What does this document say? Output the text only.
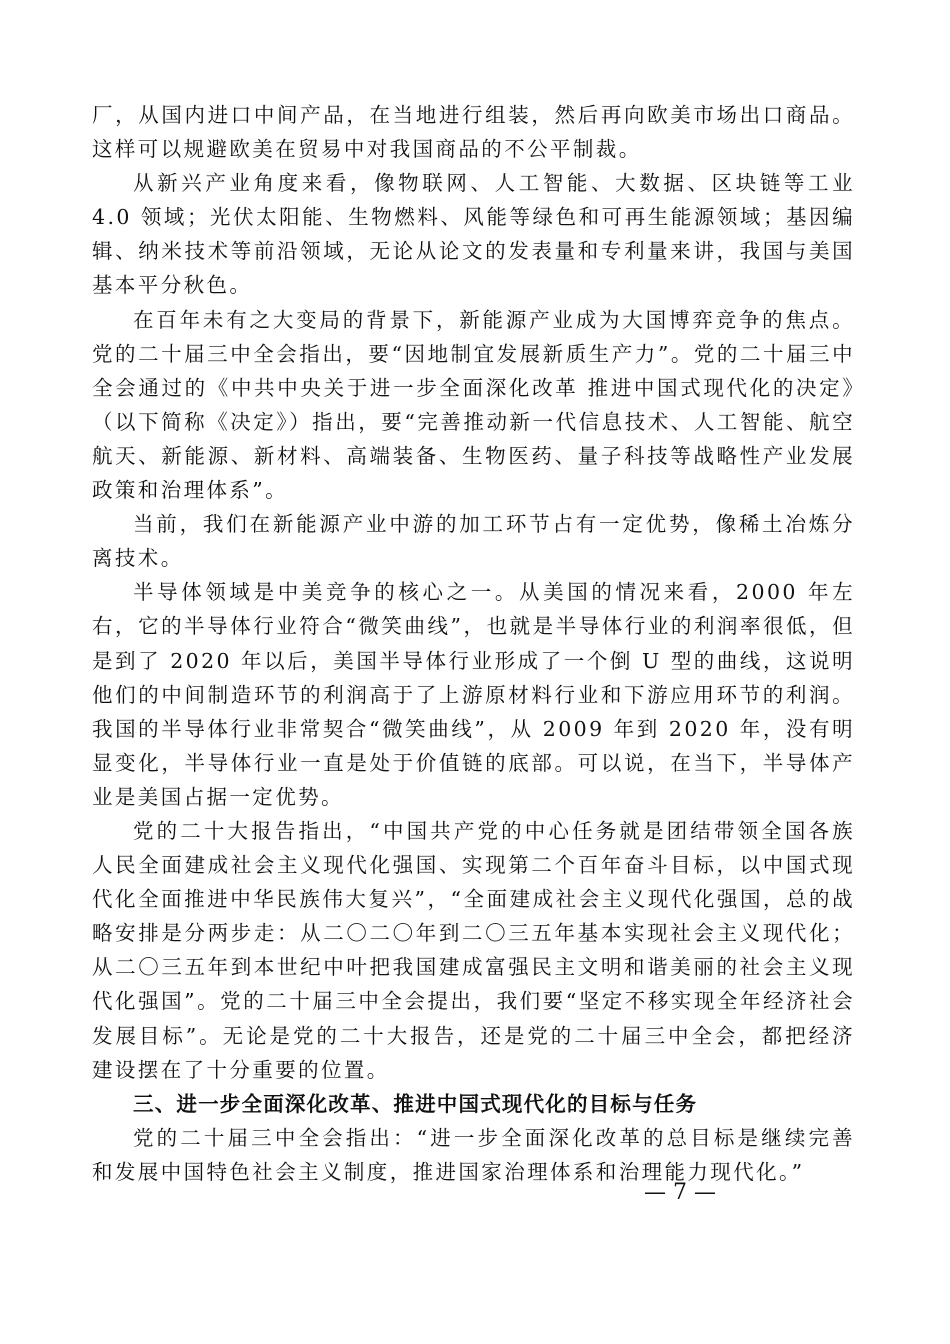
厂，从国内进口中间产品，在当地进行组装，然后再向欧美市场出口商品。这样可以规避欧美在贸易中对我国商品的不公平制裁。

从新兴产业角度来看，像物联网、人工智能、大数据、区块链等工业 4.0 领域；光伏太阳能、生物燃料、风能等绿色和可再生能源领域；基因编辑、纳米技术等前沿领域，无论从论文的发表量和专利量来讲，我国与美国基本平分秋色。

在百年未有之大变局的背景下，新能源产业成为大国博弈竞争的焦点。党的二十届三中全会指出，要“因地制宜发展新质生产力”。党的二十届三中全会通过的《中共中央关于进一步全面深化改革 推进中国式现代化的决定》（以下简称《决定》）指出，要“完善推动新一代信息技术、人工智能、航空航天、新能源、新材料、高端装备、生物医药、量子科技等战略性产业发展政策和治理体系”。

当前，我们在新能源产业中游的加工环节占有一定优势，像稀土冶炼分离技术。

半导体领域是中美竞争的核心之一。从美国的情况来看，2000 年左右，它的半导体行业符合“微笑曲线”，也就是半导体行业的利润率很低，但是到了 2020 年以后，美国半导体行业形成了一个倒 U 型的曲线，这说明他们的中间制造环节的利润高于了上游原材料行业和下游应用环节的利润。我国的半导体行业非常契合“微笑曲线”，从 2009 年到 2020 年，没有明显变化，半导体行业一直是处于价值链的底部。可以说，在当下，半导体产业是美国占据一定优势。

党的二十大报告指出，“中国共产党的中心任务就是团结带领全国各族人民全面建成社会主义现代化强国、实现第二个百年奋斗目标，以中国式现代化全面推进中华民族伟大复兴”，“全面建成社会主义现代化强国，总的战略安排是分两步走：从二〇二〇年到二〇三五年基本实现社会主义现代化；从二〇三五年到本世纪中叶把我国建成富强民主文明和谐美丽的社会主义现代化强国”。党的二十届三中全会提出，我们要“坚定不移实现全年经济社会发展目标”。无论是党的二十大报告，还是党的二十届三中全会，都把经济建设摆在了十分重要的位置。

三、进一步全面深化改革、推进中国式现代化的目标与任务

党的二十届三中全会指出：“进一步全面深化改革的总目标是继续完善和发展中国特色社会主义制度，推进国家治理体系和治理能力现代化。”

— 7 —
